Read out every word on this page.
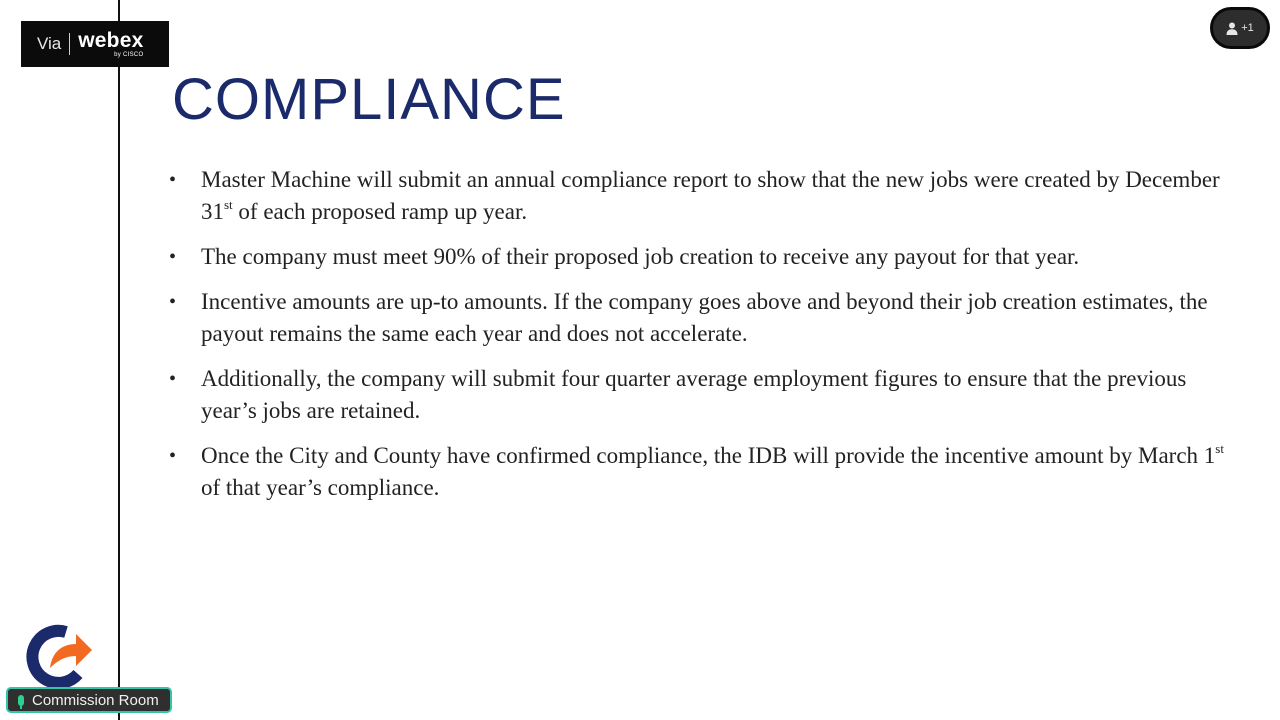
Via webex
by CISCO
+1
COMPLIANCE
• Master Machine will submit an annual compliance report to show that the new jobs were created by December 31st of each proposed ramp up year.
• The company must meet 90% of their proposed job creation to receive any payout for that year.
• Incentive amounts are up-to amounts. If the company goes above and beyond their job creation estimates, the payout remains the same each year and does not accelerate.
• Additionally, the company will submit four quarter average employment figures to ensure that the previous year’s jobs are retained.
• Once the City and County have confirmed compliance, the IDB will provide the incentive amount by March 1st of that year’s compliance.
Commission Room
